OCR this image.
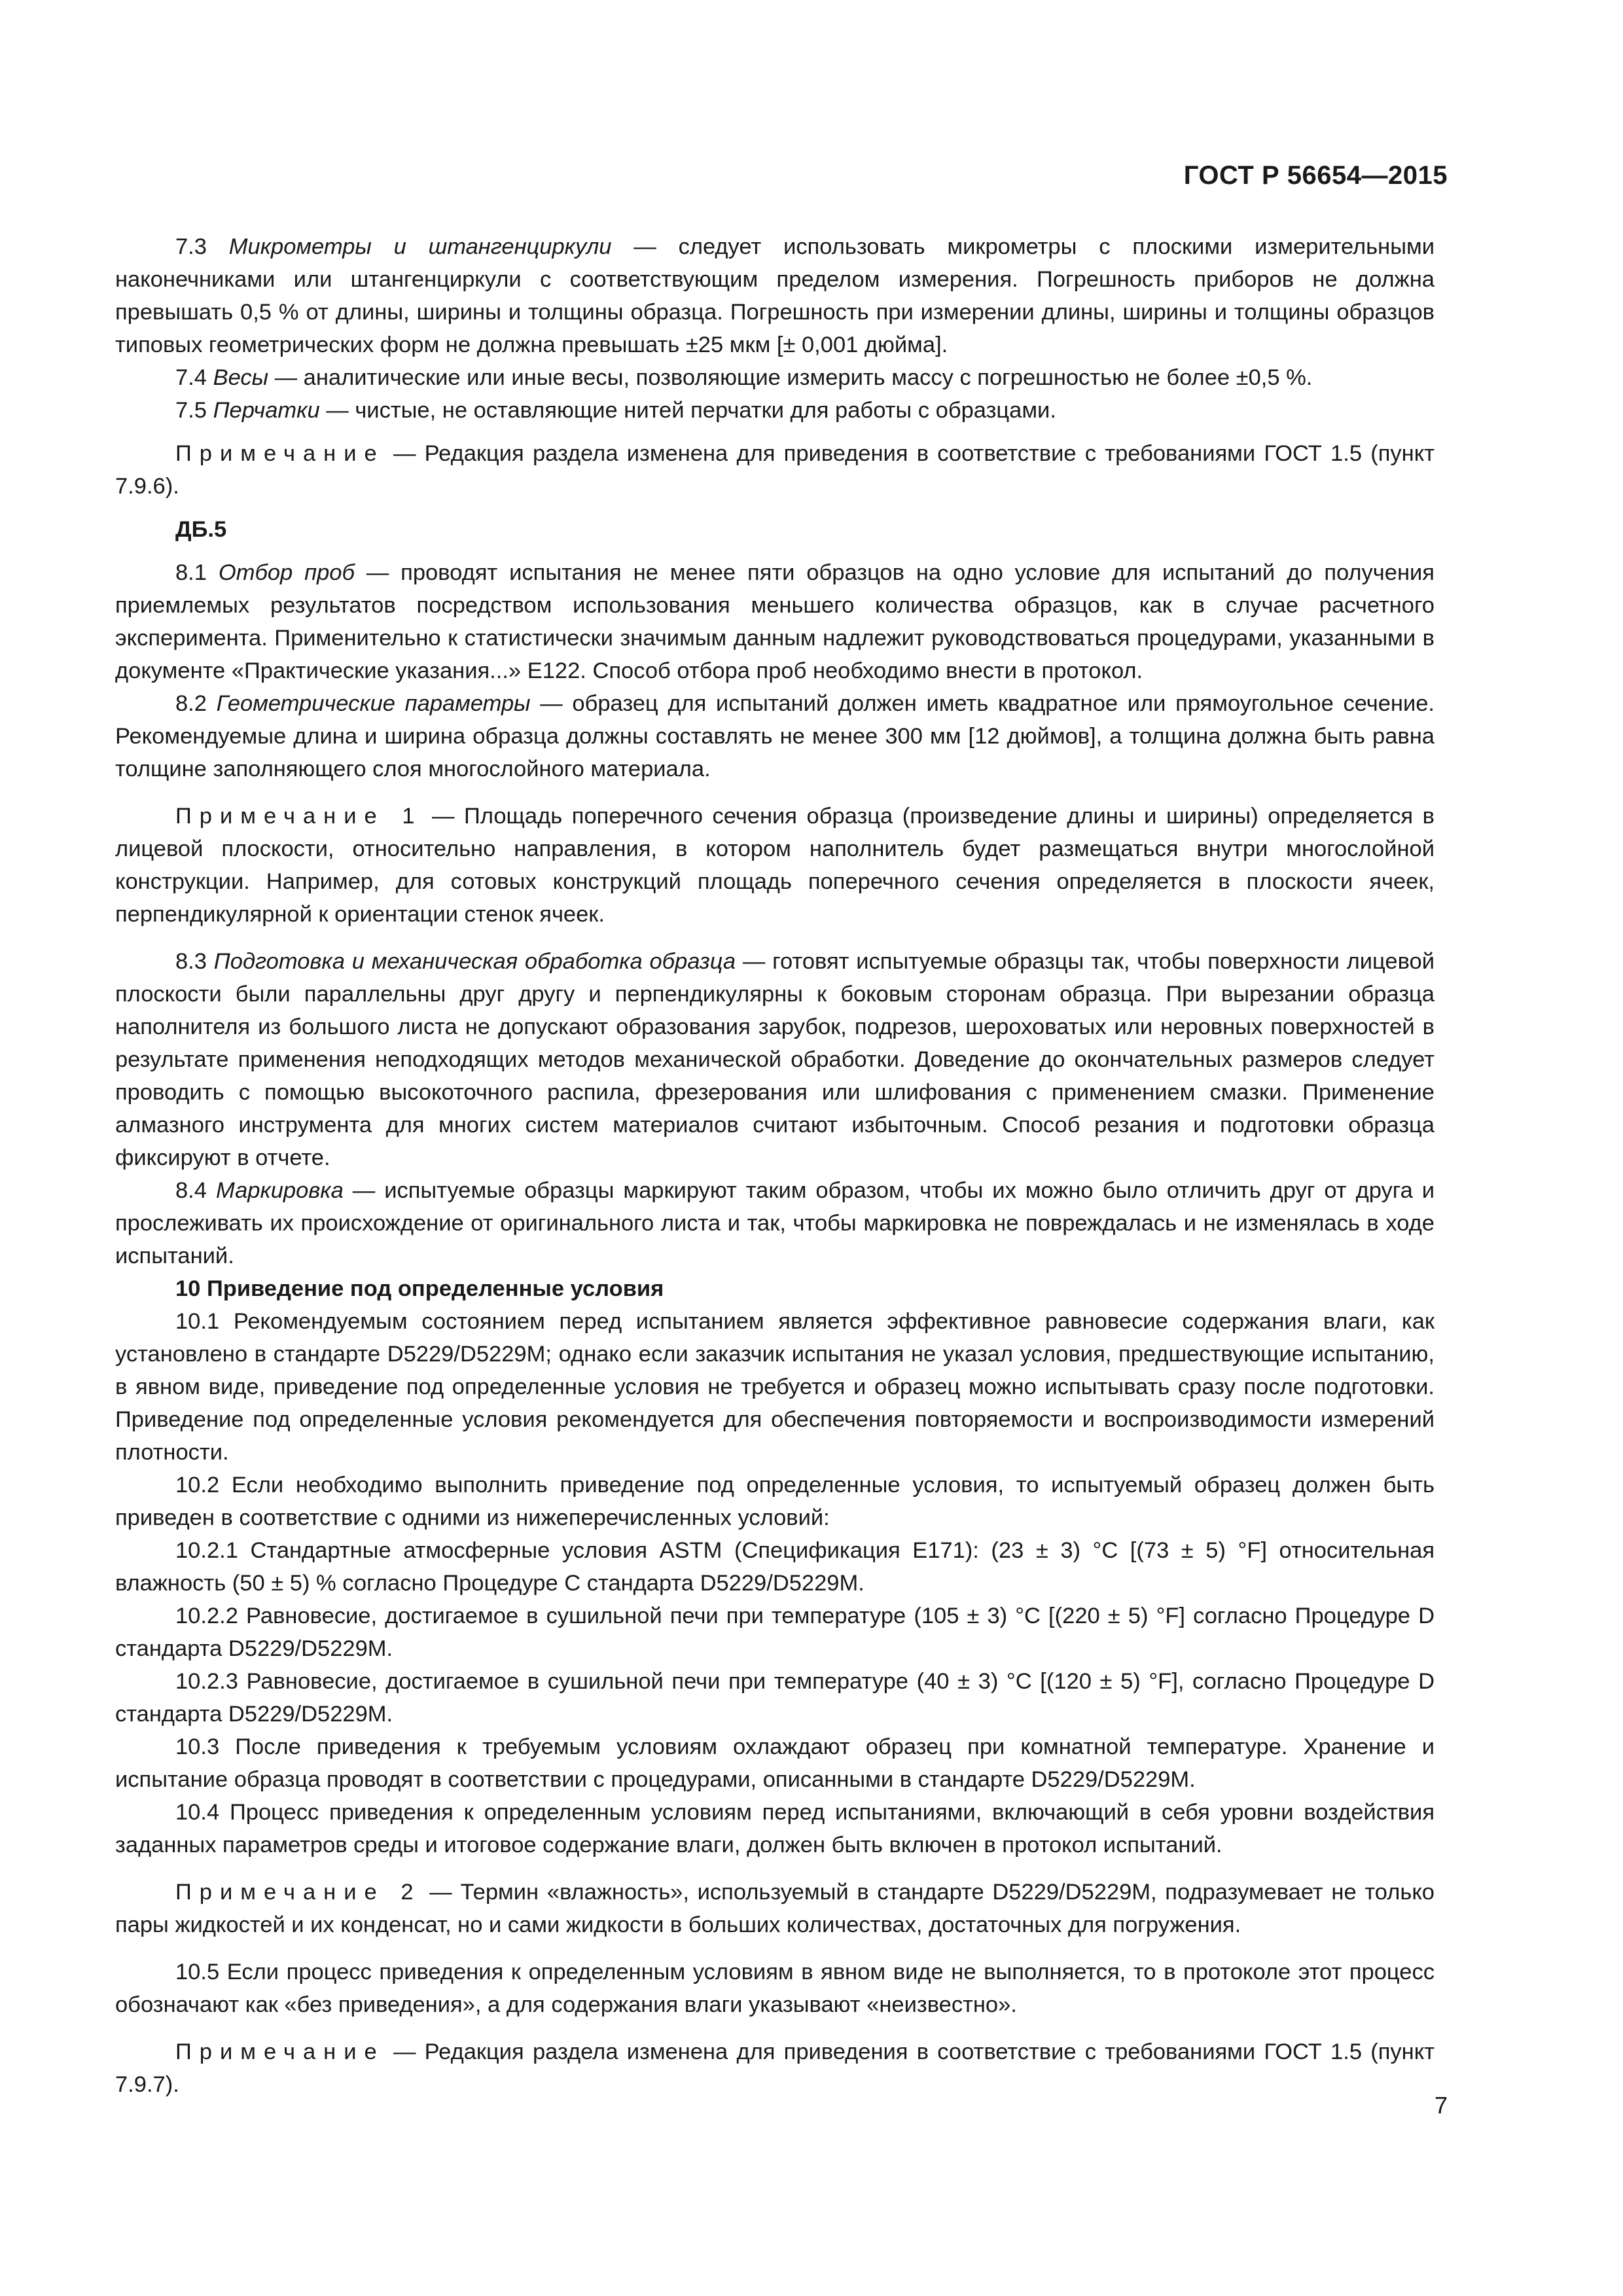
ГОСТ Р 56654—2015

7.3 Микрометры и штангенциркули — следует использовать микрометры с плоскими измерительными наконечниками или штангенциркули с соответствующим пределом измерения. Погрешность приборов не должна превышать 0,5 % от длины, ширины и толщины образца. Погрешность при измерении длины, ширины и толщины образцов типовых геометрических форм не должна превышать ±25 мкм [± 0,001 дюйма].

7.4 Весы — аналитические или иные весы, позволяющие измерить массу с погрешностью не более ±0,5 %.

7.5 Перчатки — чистые, не оставляющие нитей перчатки для работы с образцами.

Примечание — Редакция раздела изменена для приведения в соответствие с требованиями ГОСТ 1.5 (пункт 7.9.6).

ДБ.5

8.1 Отбор проб — проводят испытания не менее пяти образцов на одно условие для испытаний до получения приемлемых результатов посредством использования меньшего количества образцов, как в случае расчетного эксперимента. Применительно к статистически значимым данным надлежит руководствоваться процедурами, указанными в документе «Практические указания...» Е122. Способ отбора проб необходимо внести в протокол.

8.2 Геометрические параметры — образец для испытаний должен иметь квадратное или прямоугольное сечение. Рекомендуемые длина и ширина образца должны составлять не менее 300 мм [12 дюймов], а толщина должна быть равна толщине заполняющего слоя многослойного материала.

Примечание 1 — Площадь поперечного сечения образца (произведение длины и ширины) определяется в лицевой плоскости, относительно направления, в котором наполнитель будет размещаться внутри многослойной конструкции. Например, для сотовых конструкций площадь поперечного сечения определяется в плоскости ячеек, перпендикулярной к ориентации стенок ячеек.

8.3 Подготовка и механическая обработка образца — готовят испытуемые образцы так, чтобы поверхности лицевой плоскости были параллельны друг другу и перпендикулярны к боковым сторонам образца. При вырезании образца наполнителя из большого листа не допускают образования зарубок, подрезов, шероховатых или неровных поверхностей в результате применения неподходящих методов механической обработки. Доведение до окончательных размеров следует проводить с помощью высокоточного распила, фрезерования или шлифования с применением смазки. Применение алмазного инструмента для многих систем материалов считают избыточным. Способ резания и подготовки образца фиксируют в отчете.

8.4 Маркировка — испытуемые образцы маркируют таким образом, чтобы их можно было отличить друг от друга и прослеживать их происхождение от оригинального листа и так, чтобы маркировка не повреждалась и не изменялась в ходе испытаний.

10 Приведение под определенные условия

10.1 Рекомендуемым состоянием перед испытанием является эффективное равновесие содержания влаги, как установлено в стандарте D5229/D5229M; однако если заказчик испытания не указал условия, предшествующие испытанию, в явном виде, приведение под определенные условия не требуется и образец можно испытывать сразу после подготовки. Приведение под определенные условия рекомендуется для обеспечения повторяемости и воспроизводимости измерений плотности.

10.2 Если необходимо выполнить приведение под определенные условия, то испытуемый образец должен быть приведен в соответствие с одними из нижеперечисленных условий:

10.2.1 Стандартные атмосферные условия ASTM (Спецификация E171): (23 ± 3) °C [(73 ± 5) °F] относительная влажность (50 ± 5) % согласно Процедуре C стандарта D5229/D5229M.

10.2.2 Равновесие, достигаемое в сушильной печи при температуре (105 ± 3) °C [(220 ± 5) °F] согласно Процедуре D стандарта D5229/D5229M.

10.2.3 Равновесие, достигаемое в сушильной печи при температуре (40 ± 3) °C [(120 ± 5) °F], согласно Процедуре D стандарта D5229/D5229M.

10.3 После приведения к требуемым условиям охлаждают образец при комнатной температуре. Хранение и испытание образца проводят в соответствии с процедурами, описанными в стандарте D5229/D5229M.

10.4 Процесс приведения к определенным условиям перед испытаниями, включающий в себя уровни воздействия заданных параметров среды и итоговое содержание влаги, должен быть включен в протокол испытаний.

Примечание 2 — Термин «влажность», используемый в стандарте D5229/D5229M, подразумевает не только пары жидкостей и их конденсат, но и сами жидкости в больших количествах, достаточных для погружения.

10.5 Если процесс приведения к определенным условиям в явном виде не выполняется, то в протоколе этот процесс обозначают как «без приведения», а для содержания влаги указывают «неизвестно».

Примечание — Редакция раздела изменена для приведения в соответствие с требованиями ГОСТ 1.5 (пункт 7.9.7).

7
